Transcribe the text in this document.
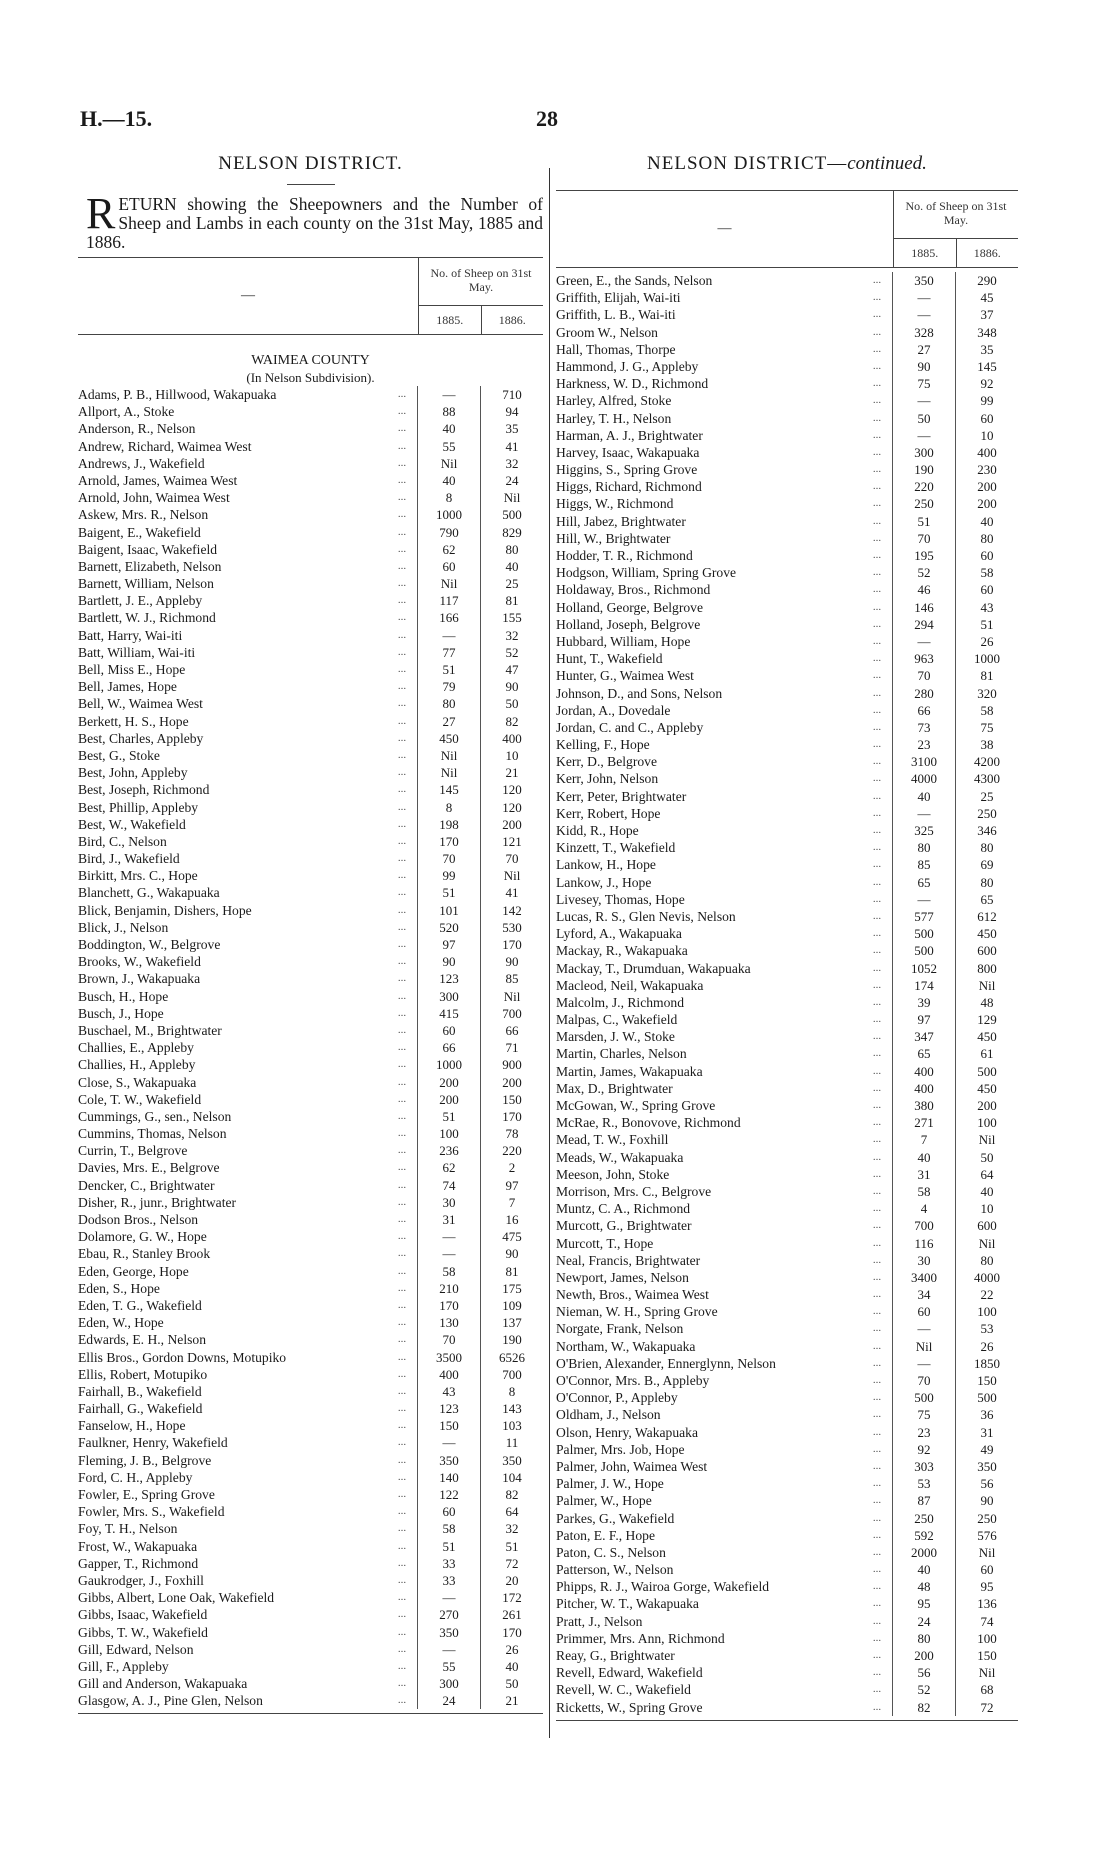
H.—15.	28
NELSON DISTRICT.
RETURN showing the Sheepowners and the Number of Sheep and Lambs in each county on the 31st May, 1885 and 1886.
—
No. of Sheep on 31st May.
1885.	1886.
WAIMEA COUNTY
(In Nelson Subdivision).
Adams, P. B., Hillwood, Wakapuaka	...	—	710
Allport, A., Stoke	...	88	94
Anderson, R., Nelson	...	40	35
Andrew, Richard, Waimea West	...	55	41
Andrews, J., Wakefield	...	Nil	32
Arnold, James, Waimea West	...	40	24
Arnold, John, Waimea West	...	8	Nil
Askew, Mrs. R., Nelson	...	1000	500
Baigent, E., Wakefield	...	790	829
Baigent, Isaac, Wakefield	...	62	80
Barnett, Elizabeth, Nelson	...	60	40
Barnett, William, Nelson	...	Nil	25
Bartlett, J. E., Appleby	...	117	81
Bartlett, W. J., Richmond	...	166	155
Batt, Harry, Wai-iti	...	—	32
Batt, William, Wai-iti	...	77	52
Bell, Miss E., Hope	...	51	47
Bell, James, Hope	...	79	90
Bell, W., Waimea West	...	80	50
Berkett, H. S., Hope	...	27	82
Best, Charles, Appleby	...	450	400
Best, G., Stoke	...	Nil	10
Best, John, Appleby	...	Nil	21
Best, Joseph, Richmond	...	145	120
Best, Phillip, Appleby	...	8	120
Best, W., Wakefield	...	198	200
Bird, C., Nelson	...	170	121
Bird, J., Wakefield	...	70	70
Birkitt, Mrs. C., Hope	...	99	Nil
Blanchett, G., Wakapuaka	...	51	41
Blick, Benjamin, Dishers, Hope	...	101	142
Blick, J., Nelson	...	520	530
Boddington, W., Belgrove	...	97	170
Brooks, W., Wakefield	...	90	90
Brown, J., Wakapuaka	...	123	85
Busch, H., Hope	...	300	Nil
Busch, J., Hope	...	415	700
Buschael, M., Brightwater	...	60	66
Challies, E., Appleby	...	66	71
Challies, H., Appleby	...	1000	900
Close, S., Wakapuaka	...	200	200
Cole, T. W., Wakefield	...	200	150
Cummings, G., sen., Nelson	...	51	170
Cummins, Thomas, Nelson	...	100	78
Currin, T., Belgrove	...	236	220
Davies, Mrs. E., Belgrove	...	62	2
Dencker, C., Brightwater	...	74	97
Disher, R., junr., Brightwater	...	30	7
Dodson Bros., Nelson	...	31	16
Dolamore, G. W., Hope	...	—	475
Ebau, R., Stanley Brook	...	—	90
Eden, George, Hope	...	58	81
Eden, S., Hope	...	210	175
Eden, T. G., Wakefield	...	170	109
Eden, W., Hope	...	130	137
Edwards, E. H., Nelson	...	70	190
Ellis Bros., Gordon Downs, Motupiko	...	3500	6526
Ellis, Robert, Motupiko	...	400	700
Fairhall, B., Wakefield	...	43	8
Fairhall, G., Wakefield	...	123	143
Fanselow, H., Hope	...	150	103
Faulkner, Henry, Wakefield	...	—	11
Fleming, J. B., Belgrove	...	350	350
Ford, C. H., Appleby	...	140	104
Fowler, E., Spring Grove	...	122	82
Fowler, Mrs. S., Wakefield	...	60	64
Foy, T. H., Nelson	...	58	32
Frost, W., Wakapuaka	...	51	51
Gapper, T., Richmond	...	33	72
Gaukrodger, J., Foxhill	...	33	20
Gibbs, Albert, Lone Oak, Wakefield	...	—	172
Gibbs, Isaac, Wakefield	...	270	261
Gibbs, T. W., Wakefield	...	350	170
Gill, Edward, Nelson	...	—	26
Gill, F., Appleby	...	55	40
Gill and Anderson, Wakapuaka	...	300	50
Glasgow, A. J., Pine Glen, Nelson	...	24	21
NELSON DISTRICT—continued.
—
No. of Sheep on 31st May.
1885.	1886.
Green, E., the Sands, Nelson	...	350	290
Griffith, Elijah, Wai-iti	...	—	45
Griffith, L. B., Wai-iti	...	—	37
Groom W., Nelson	...	328	348
Hall, Thomas, Thorpe	...	27	35
Hammond, J. G., Appleby	...	90	145
Harkness, W. D., Richmond	...	75	92
Harley, Alfred, Stoke	...	—	99
Harley, T. H., Nelson	...	50	60
Harman, A. J., Brightwater	...	—	10
Harvey, Isaac, Wakapuaka	...	300	400
Higgins, S., Spring Grove	...	190	230
Higgs, Richard, Richmond	...	220	200
Higgs, W., Richmond	...	250	200
Hill, Jabez, Brightwater	...	51	40
Hill, W., Brightwater	...	70	80
Hodder, T. R., Richmond	...	195	60
Hodgson, William, Spring Grove	...	52	58
Holdaway, Bros., Richmond	...	46	60
Holland, George, Belgrove	...	146	43
Holland, Joseph, Belgrove	...	294	51
Hubbard, William, Hope	...	—	26
Hunt, T., Wakefield	...	963	1000
Hunter, G., Waimea West	...	70	81
Johnson, D., and Sons, Nelson	...	280	320
Jordan, A., Dovedale	...	66	58
Jordan, C. and C., Appleby	...	73	75
Kelling, F., Hope	...	23	38
Kerr, D., Belgrove	...	3100	4200
Kerr, John, Nelson	...	4000	4300
Kerr, Peter, Brightwater	...	40	25
Kerr, Robert, Hope	...	—	250
Kidd, R., Hope	...	325	346
Kinzett, T., Wakefield	...	80	80
Lankow, H., Hope	...	85	69
Lankow, J., Hope	...	65	80
Livesey, Thomas, Hope	...	—	65
Lucas, R. S., Glen Nevis, Nelson	...	577	612
Lyford, A., Wakapuaka	...	500	450
Mackay, R., Wakapuaka	...	500	600
Mackay, T., Drumduan, Wakapuaka	...	1052	800
Macleod, Neil, Wakapuaka	...	174	Nil
Malcolm, J., Richmond	...	39	48
Malpas, C., Wakefield	...	97	129
Marsden, J. W., Stoke	...	347	450
Martin, Charles, Nelson	...	65	61
Martin, James, Wakapuaka	...	400	500
Max, D., Brightwater	...	400	450
McGowan, W., Spring Grove	...	380	200
McRae, R., Bonovove, Richmond	...	271	100
Mead, T. W., Foxhill	...	7	Nil
Meads, W., Wakapuaka	...	40	50
Meeson, John, Stoke	...	31	64
Morrison, Mrs. C., Belgrove	...	58	40
Muntz, C. A., Richmond	...	4	10
Murcott, G., Brightwater	...	700	600
Murcott, T., Hope	...	116	Nil
Neal, Francis, Brightwater	...	30	80
Newport, James, Nelson	...	3400	4000
Newth, Bros., Waimea West	...	34	22
Nieman, W. H., Spring Grove	...	60	100
Norgate, Frank, Nelson	...	—	53
Northam, W., Wakapuaka	...	Nil	26
O'Brien, Alexander, Ennerglynn, Nelson	...	—	1850
O'Connor, Mrs. B., Appleby	...	70	150
O'Connor, P., Appleby	...	500	500
Oldham, J., Nelson	...	75	36
Olson, Henry, Wakapuaka	...	23	31
Palmer, Mrs. Job, Hope	...	92	49
Palmer, John, Waimea West	...	303	350
Palmer, J. W., Hope	...	53	56
Palmer, W., Hope	...	87	90
Parkes, G., Wakefield	...	250	250
Paton, E. F., Hope	...	592	576
Paton, C. S., Nelson	...	2000	Nil
Patterson, W., Nelson	...	40	60
Phipps, R. J., Wairoa Gorge, Wakefield	...	48	95
Pitcher, W. T., Wakapuaka	...	95	136
Pratt, J., Nelson	...	24	74
Primmer, Mrs. Ann, Richmond	...	80	100
Reay, G., Brightwater	...	200	150
Revell, Edward, Wakefield	...	56	Nil
Revell, W. C., Wakefield	...	52	68
Ricketts, W., Spring Grove	...	82	72
